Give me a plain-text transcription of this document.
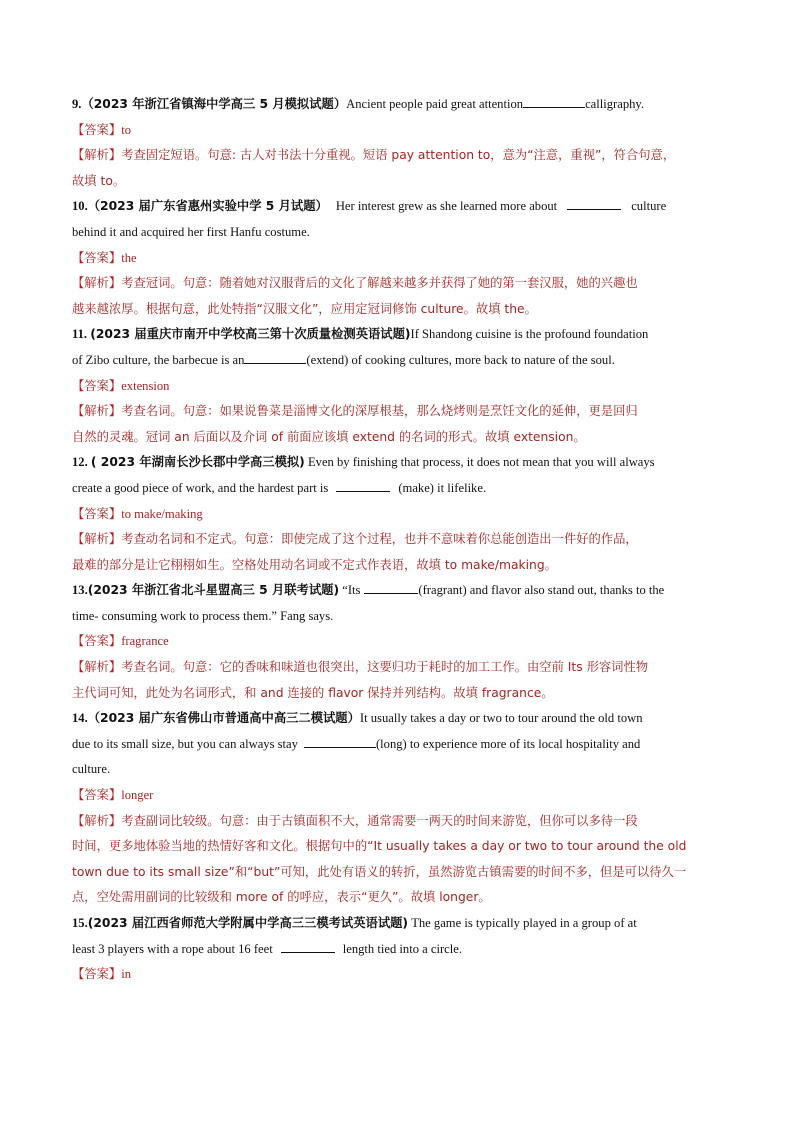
9.（2023 年浙江省镇海中学高三 5 月模拟试题）Ancient people paid great attention	calligraphy.
【答案】to
【解析】考查固定短语。句意: 古人对书法十分重视。短语 pay attention to，意为“注意，重视”，符合句意，
故填 to。
10.（2023 届广东省惠州实验中学 5 月试题） Her interest grew as she learned more about	culture
behind it and acquired her first Hanfu costume.
【答案】the
【解析】考查冠词。句意：随着她对汉服背后的文化了解越来越多并获得了她的第一套汉服，她的兴趣也
越来越浓厚。根据句意，此处特指“汉服文化”，应用定冠词修饰 culture。故填 the。
11. (2023 届重庆市南开中学校高三第十次质量检测英语试题)If Shandong cuisine is the profound foundation
of Zibo culture, the barbecue is an	(extend) of cooking cultures, more back to nature of the soul.
【答案】extension
【解析】考查名词。句意：如果说鲁菜是淄博文化的深厚根基，那么烧烤则是烹饪文化的延伸，更是回归
自然的灵魂。冠词 an 后面以及介词 of 前面应该填 extend 的名词的形式。故填 extension。
12. ( 2023 年湖南长沙长郡中学高三模拟) Even by finishing that process, it does not mean that you will always
create a good piece of work, and the hardest part is	(make) it lifelike.
【答案】to make/making
【解析】考查动名词和不定式。句意：即使完成了这个过程，也并不意味着你总能创造出一件好的作品，
最难的部分是让它栩栩如生。空格处用动名词或不定式作表语，故填 to make/making。
13.(2023 年浙江省北斗星盟高三 5 月联考试题) “Its	(fragrant) and flavor also stand out, thanks to the
time- consuming work to process them.” Fang says.
【答案】fragrance
【解析】考查名词。句意：它的香味和味道也很突出，这要归功于耗时的加工工作。由空前 Its 形容词性物
主代词可知，此处为名词形式，和 and 连接的 flavor 保持并列结构。故填 fragrance。
14.（2023 届广东省佛山市普通高中高三二模试题）It usually takes a day or two to tour around the old town
due to its small size, but you can always stay	(long) to experience more of its local hospitality and
culture.
【答案】longer
【解析】考查副词比较级。句意：由于古镇面积不大，通常需要一两天的时间来游览，但你可以多待一段
时间，更多地体验当地的热情好客和文化。根据句中的“It usually takes a day or two to tour around the old
town due to its small size”和“but”可知，此处有语义的转折，虽然游览古镇需要的时间不多，但是可以待久一
点，空处需用副词的比较级和 more of 的呼应，表示“更久”。故填 longer。
15.(2023 届江西省师范大学附属中学高三三模考试英语试题) The game is typically played in a group of at
least 3 players with a rope about 16 feet	length tied into a circle.
【答案】in
